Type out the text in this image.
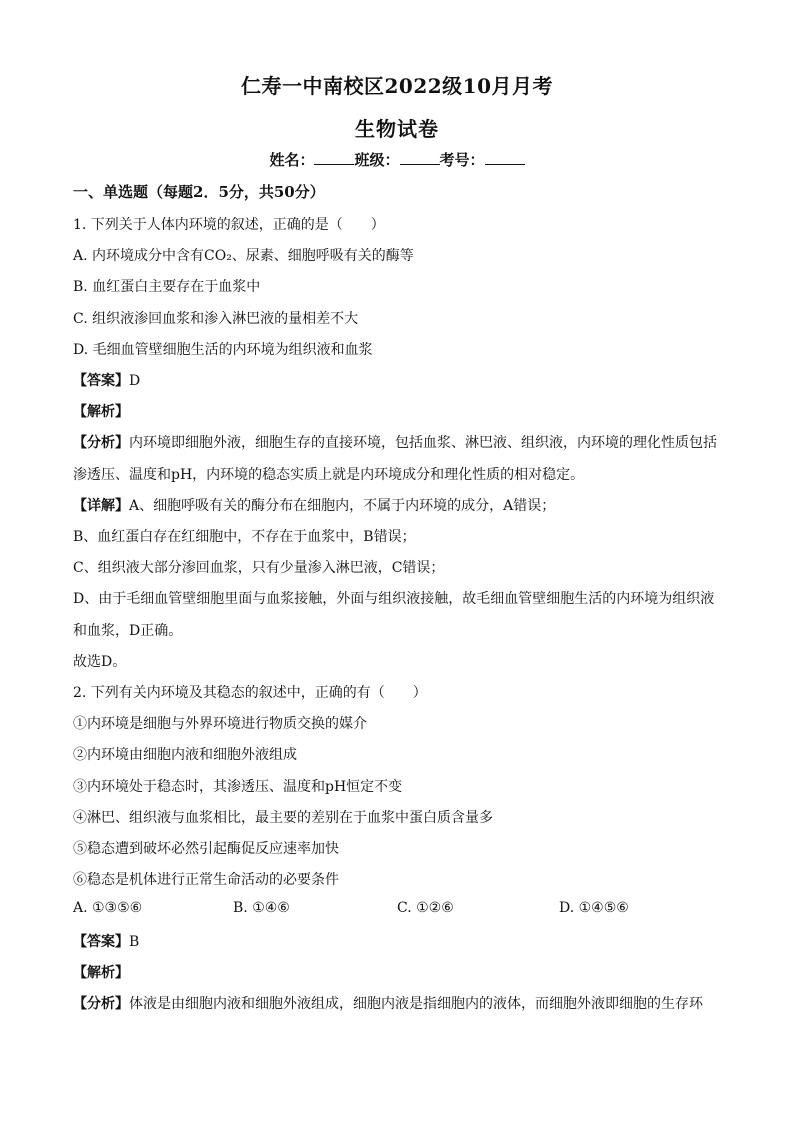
仁寿一中南校区2022级10月月考
生物试卷
姓名：	班级：	考号：
一、单选题（每题2．5分，共50分）
1. 下列关于人体内环境的叙述，正确的是（　　）
A. 内环境成分中含有CO₂、尿素、细胞呼吸有关的酶等
B. 血红蛋白主要存在于血浆中
C. 组织液渗回血浆和渗入淋巴液的量相差不大
D. 毛细血管壁细胞生活的内环境为组织液和血浆
【答案】D
【解析】
【分析】内环境即细胞外液，细胞生存的直接环境，包括血浆、淋巴液、组织液，内环境的理化性质包括
渗透压、温度和pH，内环境的稳态实质上就是内环境成分和理化性质的相对稳定。
【详解】A、细胞呼吸有关的酶分布在细胞内，不属于内环境的成分，A错误；
B、血红蛋白存在红细胞中，不存在于血浆中，B错误；
C、组织液大部分渗回血浆，只有少量渗入淋巴液，C错误；
D、由于毛细血管壁细胞里面与血浆接触，外面与组织液接触，故毛细血管壁细胞生活的内环境为组织液
和血浆，D正确。
故选D。
2. 下列有关内环境及其稳态的叙述中，正确的有（　　）
①内环境是细胞与外界环境进行物质交换的媒介
②内环境由细胞内液和细胞外液组成
③内环境处于稳态时，其渗透压、温度和pH恒定不变
④淋巴、组织液与血浆相比，最主要的差别在于血浆中蛋白质含量多
⑤稳态遭到破坏必然引起酶促反应速率加快
⑥稳态是机体进行正常生命活动的必要条件
A. ①③⑤⑥	B. ①④⑥	C. ①②⑥	D. ①④⑤⑥
【答案】B
【解析】
【分析】体液是由细胞内液和细胞外液组成，细胞内液是指细胞内的液体，而细胞外液即细胞的生存环
